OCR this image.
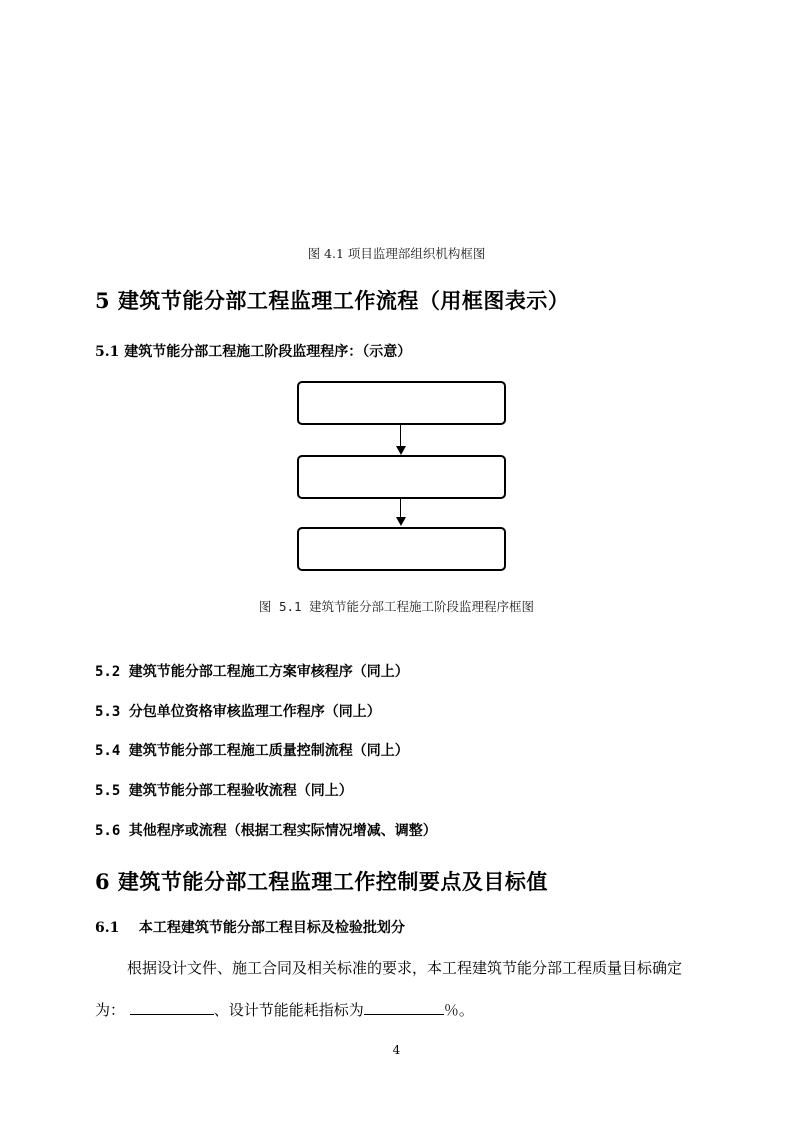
图 4.1 项目监理部组织机构框图
5 建筑节能分部工程监理工作流程（用框图表示）
5.1 建筑节能分部工程施工阶段监理程序：（示意）
图 5.1 建筑节能分部工程施工阶段监理程序框图
5.2 建筑节能分部工程施工方案审核程序（同上）
5.3 分包单位资格审核监理工作程序（同上）
5.4 建筑节能分部工程施工质量控制流程（同上）
5.5 建筑节能分部工程验收流程（同上）
5.6 其他程序或流程（根据工程实际情况增减、调整）
6 建筑节能分部工程监理工作控制要点及目标值
6.1    本工程建筑节能分部工程目标及检验批划分
根据设计文件、施工合同及相关标准的要求，本工程建筑节能分部工程质量目标确定
为：	、设计节能能耗指标为	％。
4
